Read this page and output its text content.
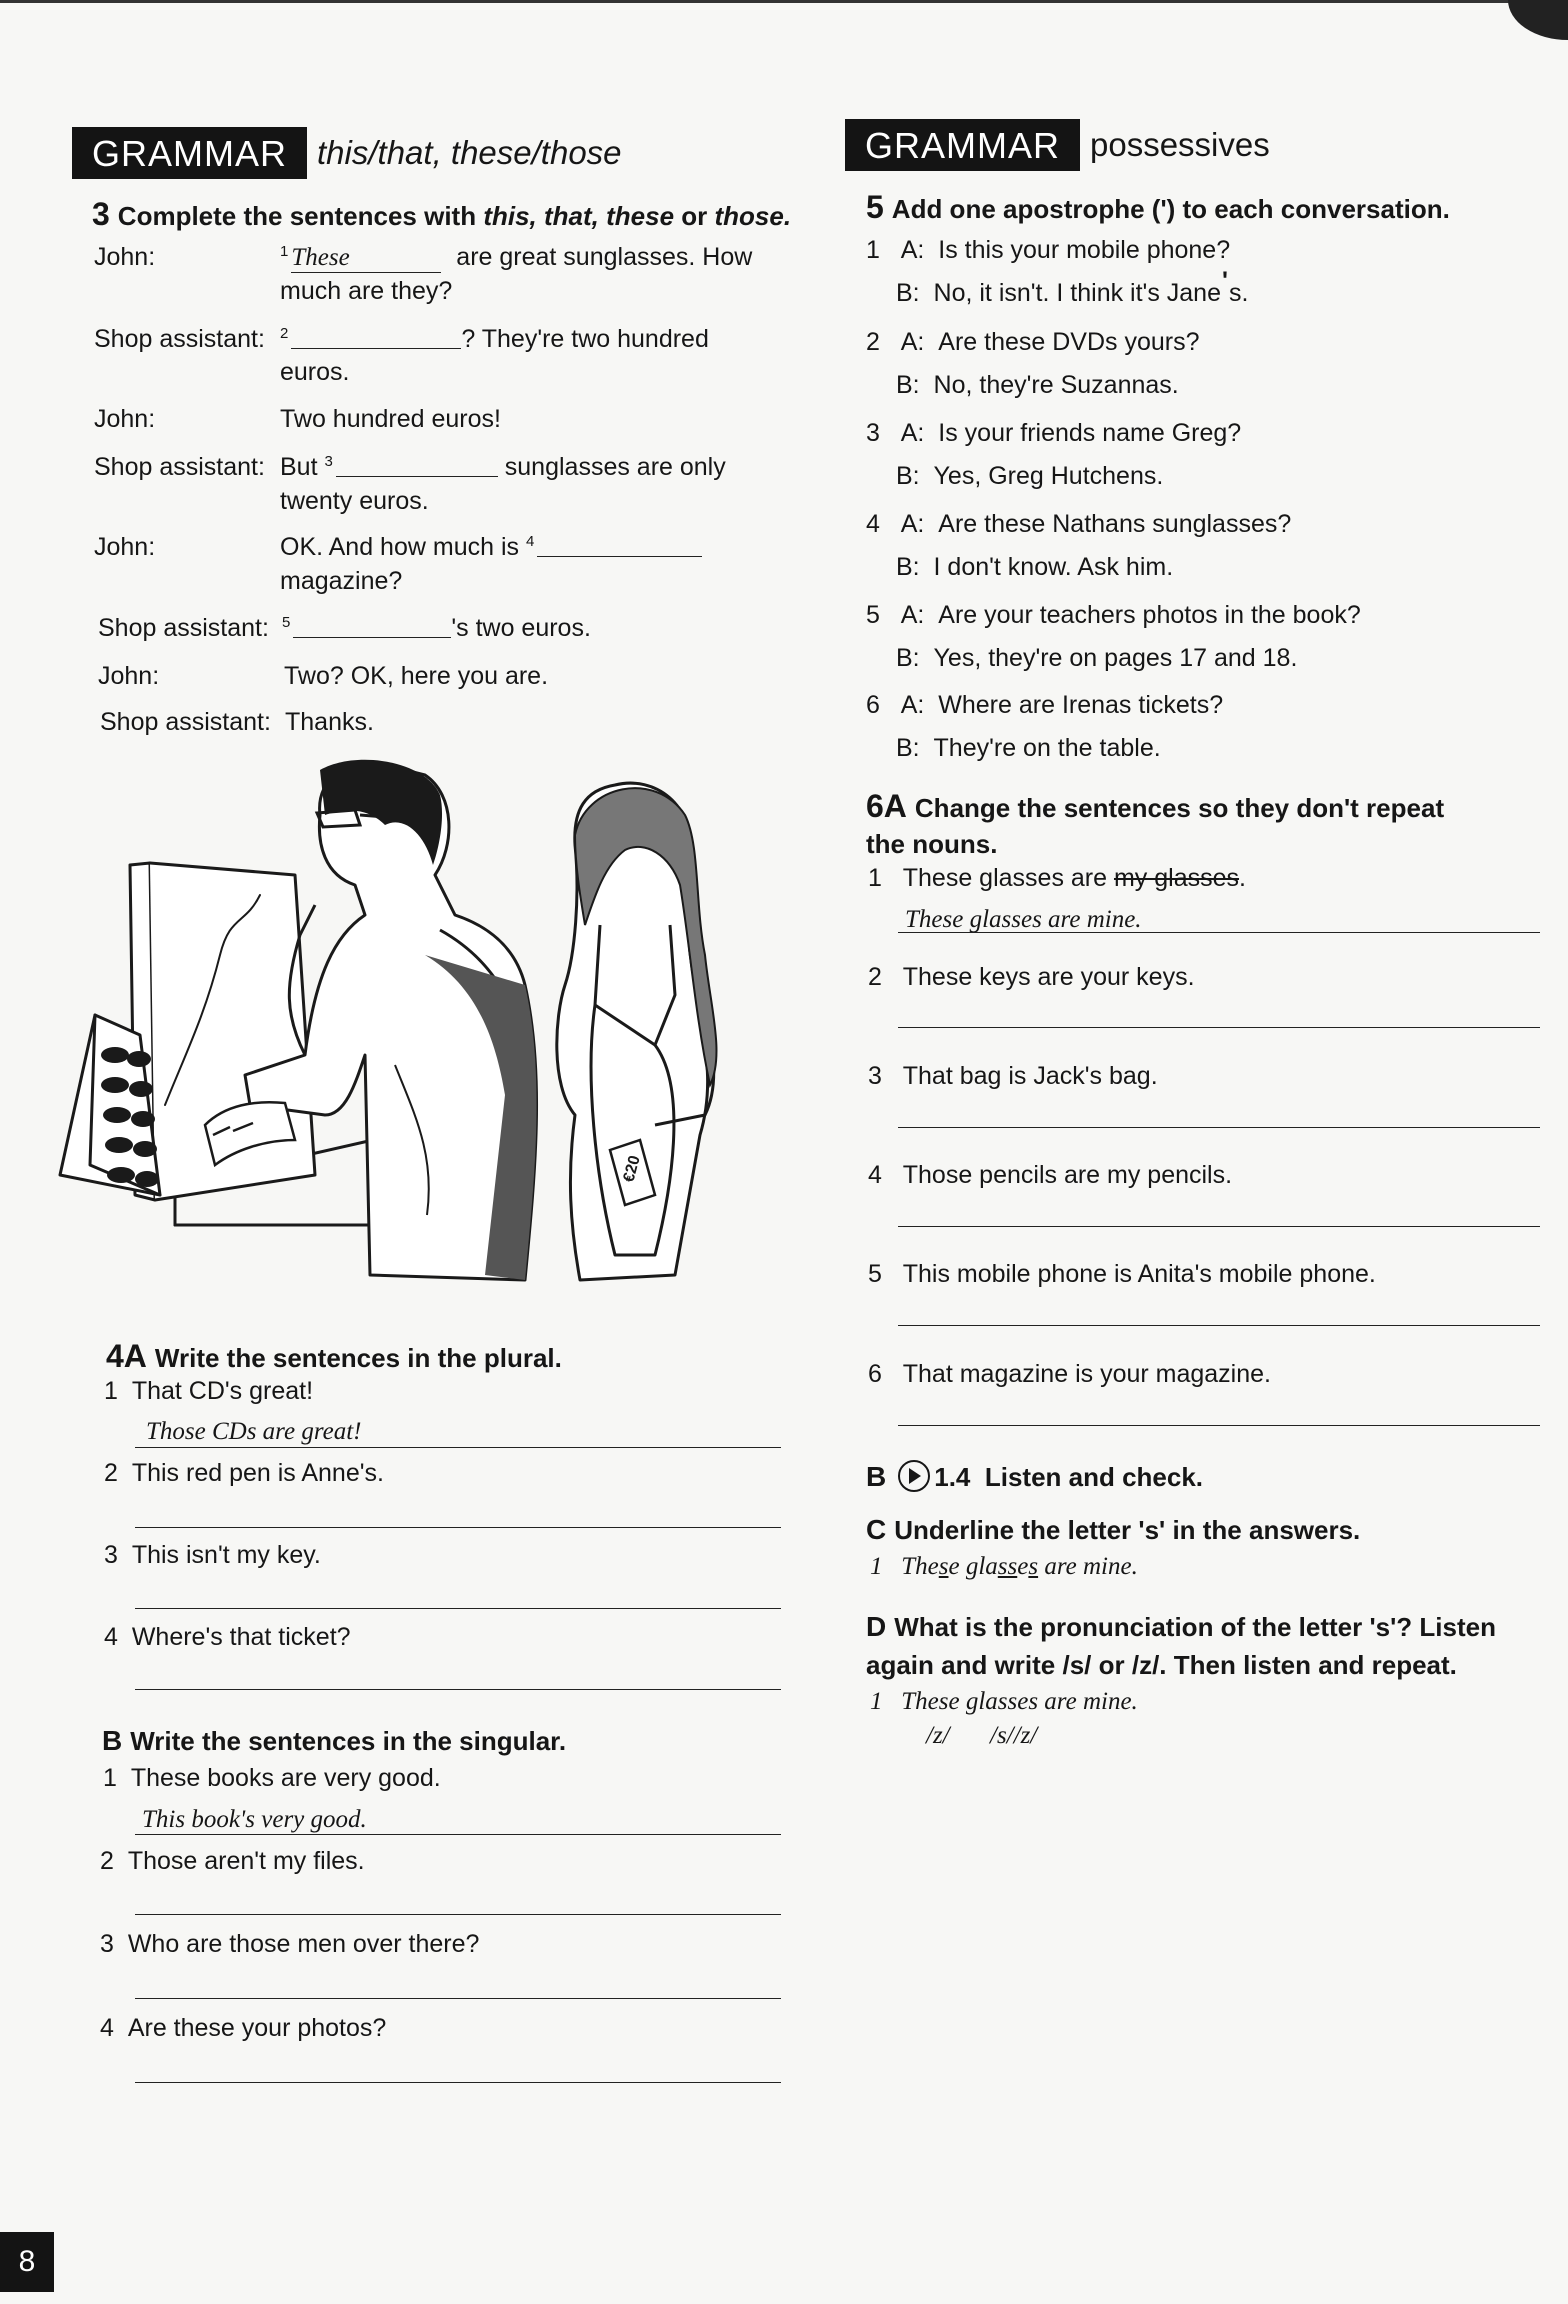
GRAMMAR this/that, these/those
3 Complete the sentences with this, that, these or those.
John:	$^1$ These	are great sunglasses. How
much are they?
Shop assistant: $^2$	? They're two hundred
euros.
John:	Two hundred euros!
Shop assistant: But $^3$	sunglasses are only
twenty euros.
John:	OK. And how much is $^4$
magazine?
Shop assistant: $^5$	's two euros.
John:	Two? OK, here you are.
Shop assistant: Thanks.
€20
4A Write the sentences in the plural.
1 That CD's great!
Those CDs are great!
2 This red pen is Anne's.
3 This isn't my key.
4 Where's that ticket?
B Write the sentences in the singular.
1 These books are very good.
This book's very good.
2 Those aren't my files.
3 Who are those men over there?
4 Are these your photos?
GRAMMAR possessives
5 Add one apostrophe (') to each conversation.
1 A: Is this your mobile phone?
B: No, it isn't. I think it's Jane's.
2 A: Are these DVDs yours?
B: No, they're Suzannas.
3 A: Is your friends name Greg?
B: Yes, Greg Hutchens.
4 A: Are these Nathans sunglasses?
B: I don't know. Ask him.
5 A: Are your teachers photos in the book?
B: Yes, they're on pages 17 and 18.
6 A: Where are Irenas tickets?
B: They're on the table.
6A Change the sentences so they don't repeat
the nouns.
1 These glasses are my glasses.
These glasses are mine.
2 These keys are your keys.
3 That bag is Jack's bag.
4 Those pencils are my pencils.
5 This mobile phone is Anita's mobile phone.
6 That magazine is your magazine.
B 1.4 Listen and check.
C Underline the letter 's' in the answers.
1 These glasses are mine.
D What is the pronunciation of the letter 's'? Listen
again and write /s/ or /z/. Then listen and repeat.
1 These glasses are mine.
/z/ /s//z/
8
